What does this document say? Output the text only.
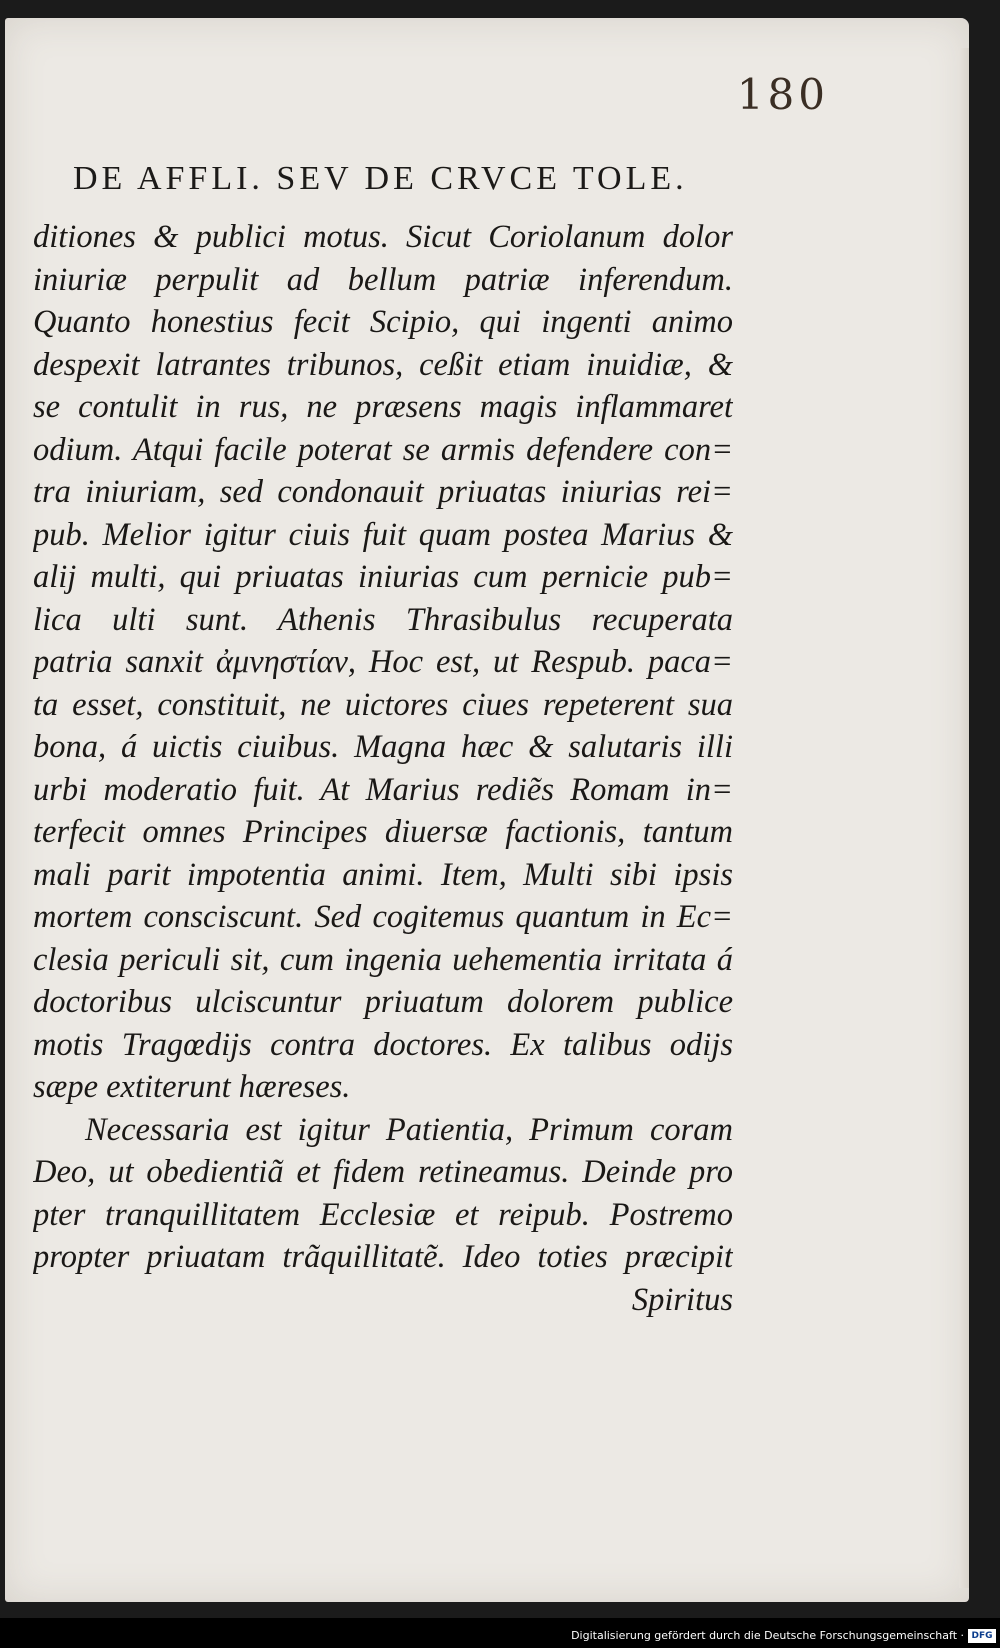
180
DE AFFLI. SEV DE CRVCE TOLE.
ditiones & publici motus. Sicut Coriolanum dolor
iniuriæ perpulit ad bellum patriæ inferendum.
Quanto honestius fecit Scipio, qui ingenti animo
despexit latrantes tribunos, ceßit etiam inuidiæ, &
se contulit in rus, ne præsens magis inflammaret
odium. Atqui facile poterat se armis defendere con=
tra iniuriam, sed condonauit priuatas iniurias rei=
pub. Melior igitur ciuis fuit quam postea Marius &
alij multi, qui priuatas iniurias cum pernicie pub=
lica ulti sunt. Athenis Thrasibulus recuperata
patria sanxit ἀμνηστίαν, Hoc est, ut Respub. paca=
ta esset, constituit, ne uictores ciues repeterent sua
bona, á uictis ciuibus. Magna hæc & salutaris illi
urbi moderatio fuit. At Marius rediẽs Romam in=
terfecit omnes Principes diuersæ factionis, tantum
mali parit impotentia animi. Item, Multi sibi ipsis
mortem consciscunt. Sed cogitemus quantum in Ec=
clesia periculi sit, cum ingenia uehementia irritata á
doctoribus ulciscuntur priuatum dolorem publice
motis Tragœdijs contra doctores. Ex talibus odijs
sæpe extiterunt hæreses.
Necessaria est igitur Patientia, Primum coram
Deo, ut obedientiã et fidem retineamus. Deinde pro
pter tranquillitatem Ecclesiæ et reipub. Postremo
propter priuatam trãquillitatẽ. Ideo toties præcipit
Spiritus
Digitalisierung gefördert durch die Deutsche Forschungsgemeinschaft · DFG
